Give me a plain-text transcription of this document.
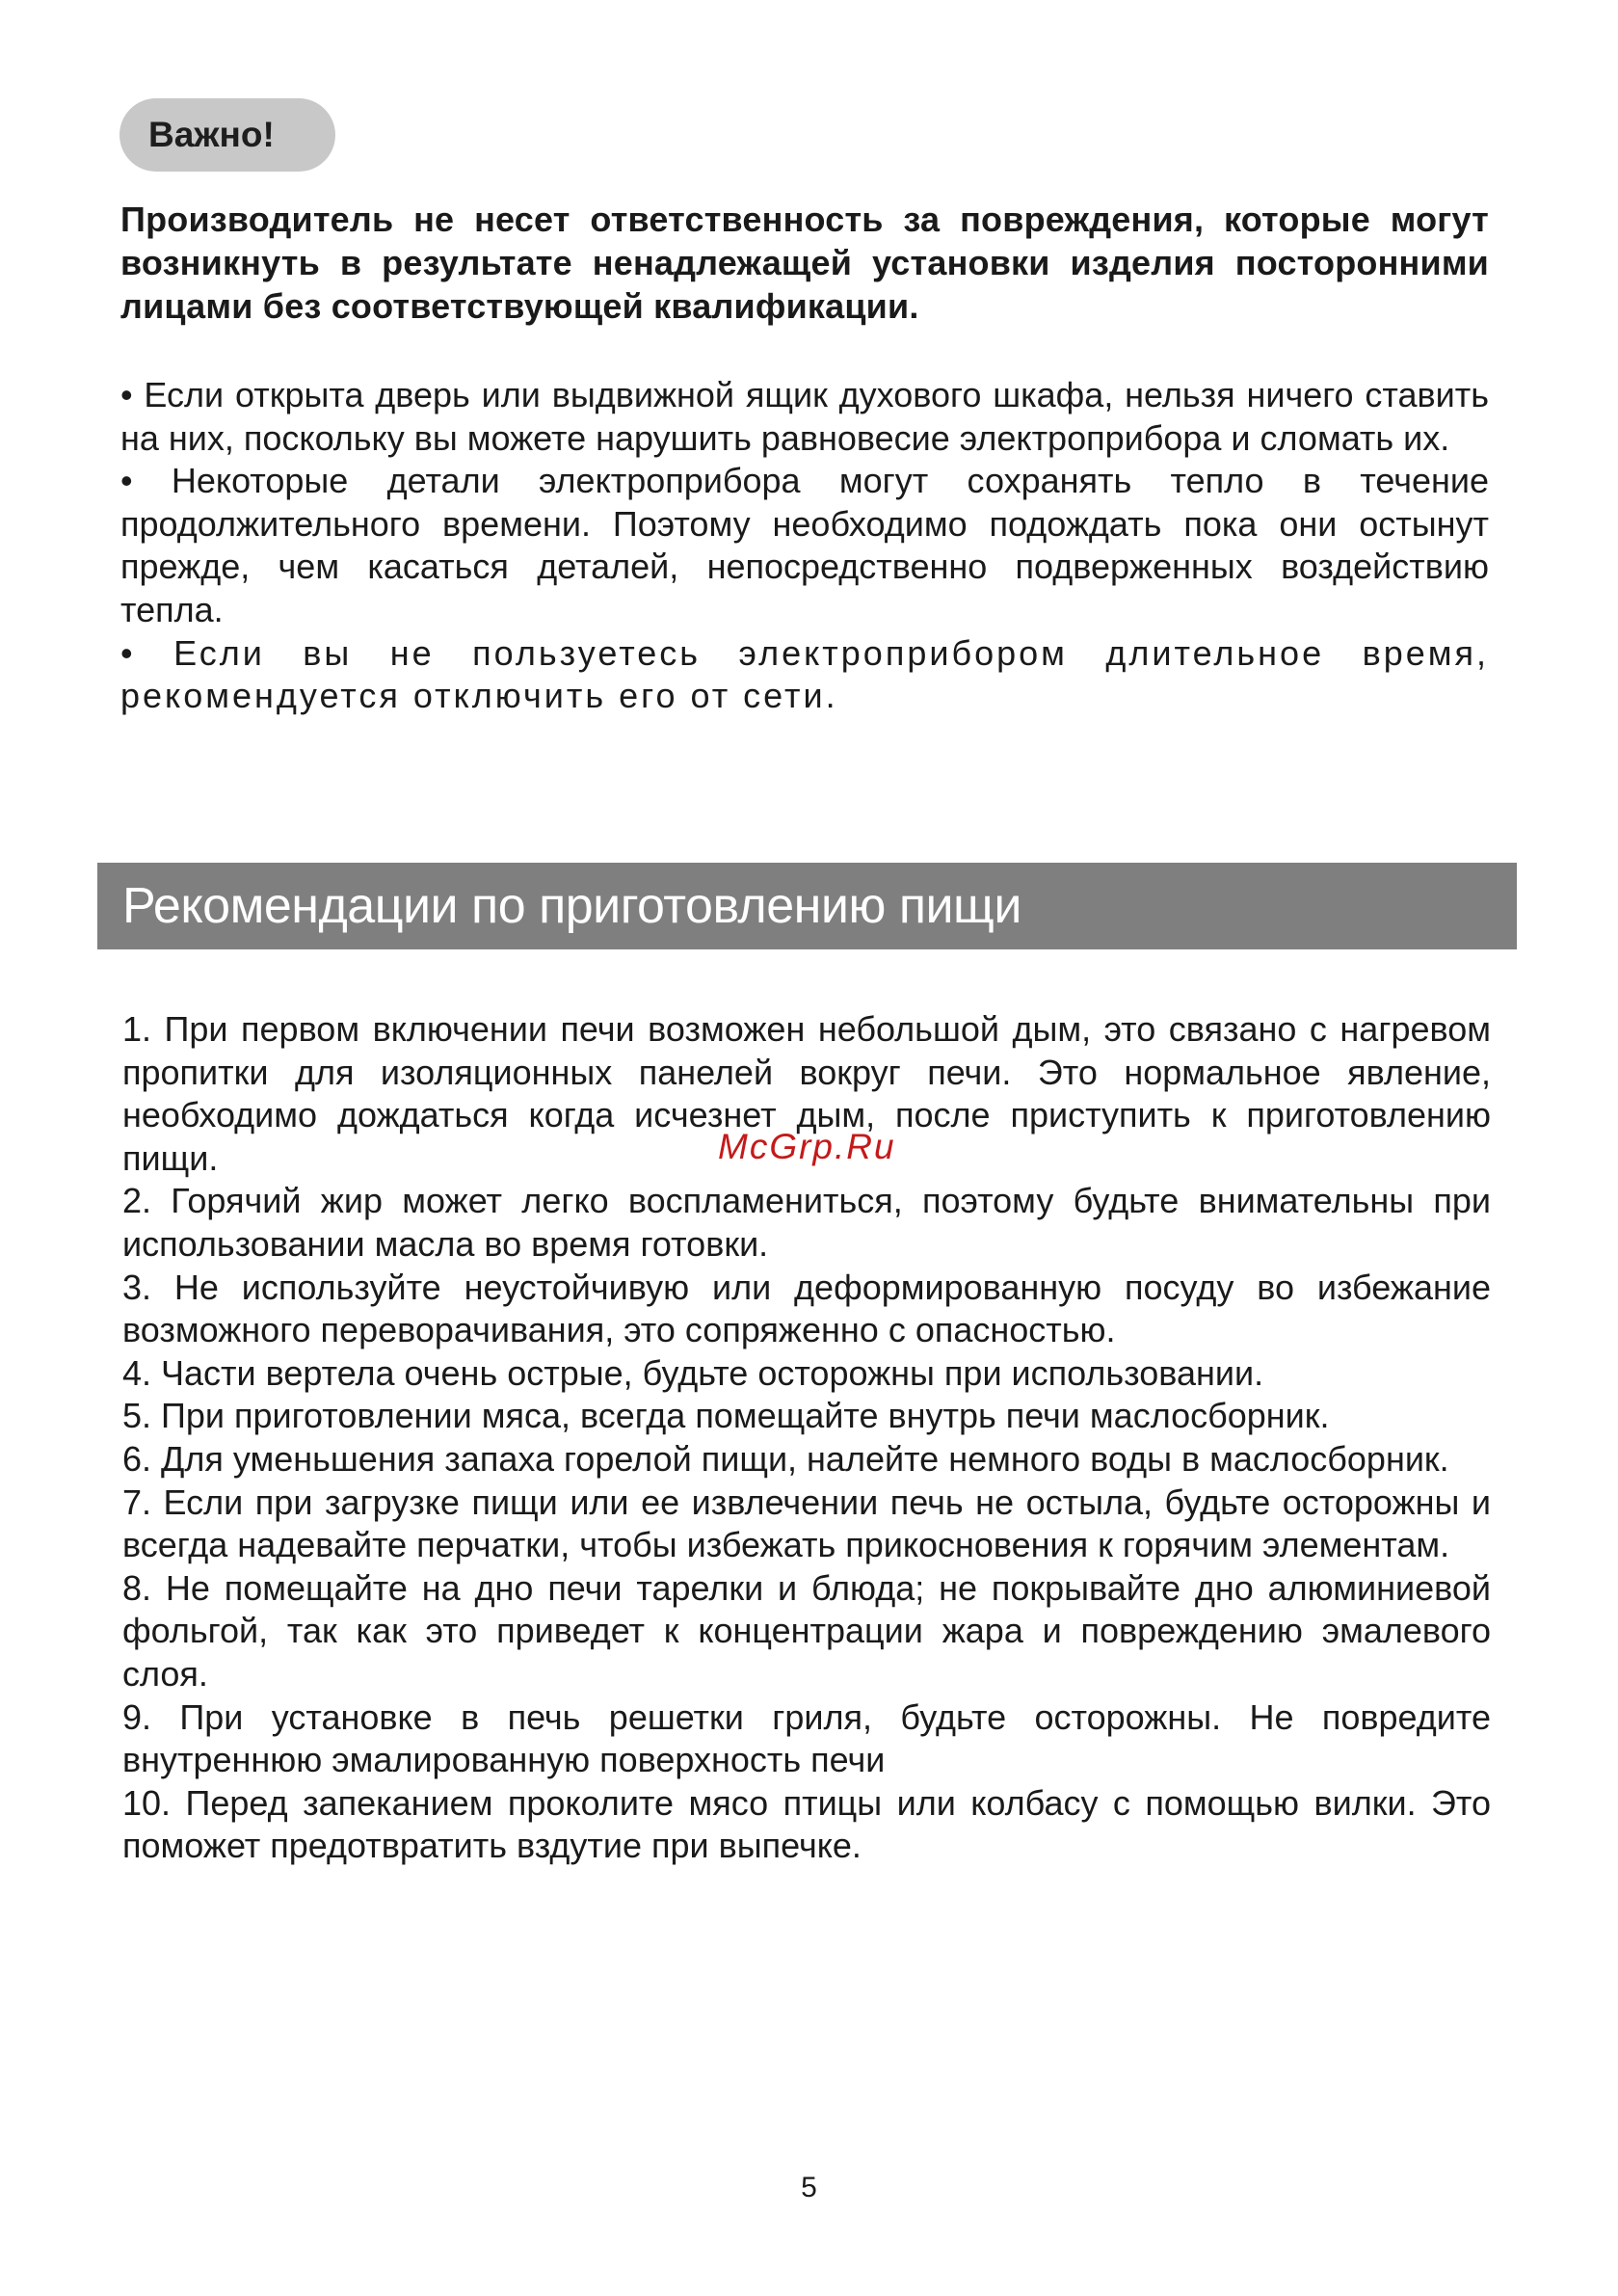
Важно!

Производитель не несет ответственность за повреждения, которые могут возникнуть в результате ненадлежащей установки изделия посторонними лицами без соответствующей квалификации.

• Если открыта дверь или выдвижной ящик духового шкафа, нельзя ничего ставить на них, поскольку вы можете нарушить равновесие электроприбора и сломать их.

• Некоторые детали электроприбора могут сохранять тепло в течение продолжительного времени. Поэтому необходимо подождать пока они остынут прежде, чем касаться деталей, непосредственно подверженных воздействию тепла.

• Если вы не пользуетесь электроприбором длительное время, рекомендуется отключить его от сети.

Рекомендации по приготовлению пищи

1. При первом включении печи возможен небольшой дым, это связано с нагревом пропитки для изоляционных панелей вокруг печи. Это нормальное явление, необходимо дождаться когда исчезнет дым, после приступить к приготовлению пищи.

2. Горячий жир может легко воспламениться, поэтому будьте внимательны при использовании масла во время готовки.

3. Не используйте неустойчивую или деформированную посуду во избежание возможного переворачивания, это сопряженно с опасностью.

4. Части вертела очень острые, будьте осторожны при использовании.

5. При приготовлении мяса, всегда помещайте внутрь печи маслосборник.

6. Для уменьшения запаха горелой пищи, налейте немного воды в маслосборник.

7. Если при загрузке пищи или ее извлечении печь не остыла, будьте осторожны и всегда надевайте перчатки, чтобы избежать прикосновения к горячим элементам.

8. Не помещайте на дно печи тарелки и блюда; не покрывайте дно алюминиевой фольгой, так как это приведет к концентрации жара и повреждению эмалевого слоя.

9. При установке в печь решетки гриля, будьте осторожны. Не повредите внутреннюю эмалированную поверхность печи

10. Перед запеканием проколите мясо птицы или колбасу с помощью вилки. Это поможет предотвратить вздутие при выпечке.

McGrp.Ru
5
